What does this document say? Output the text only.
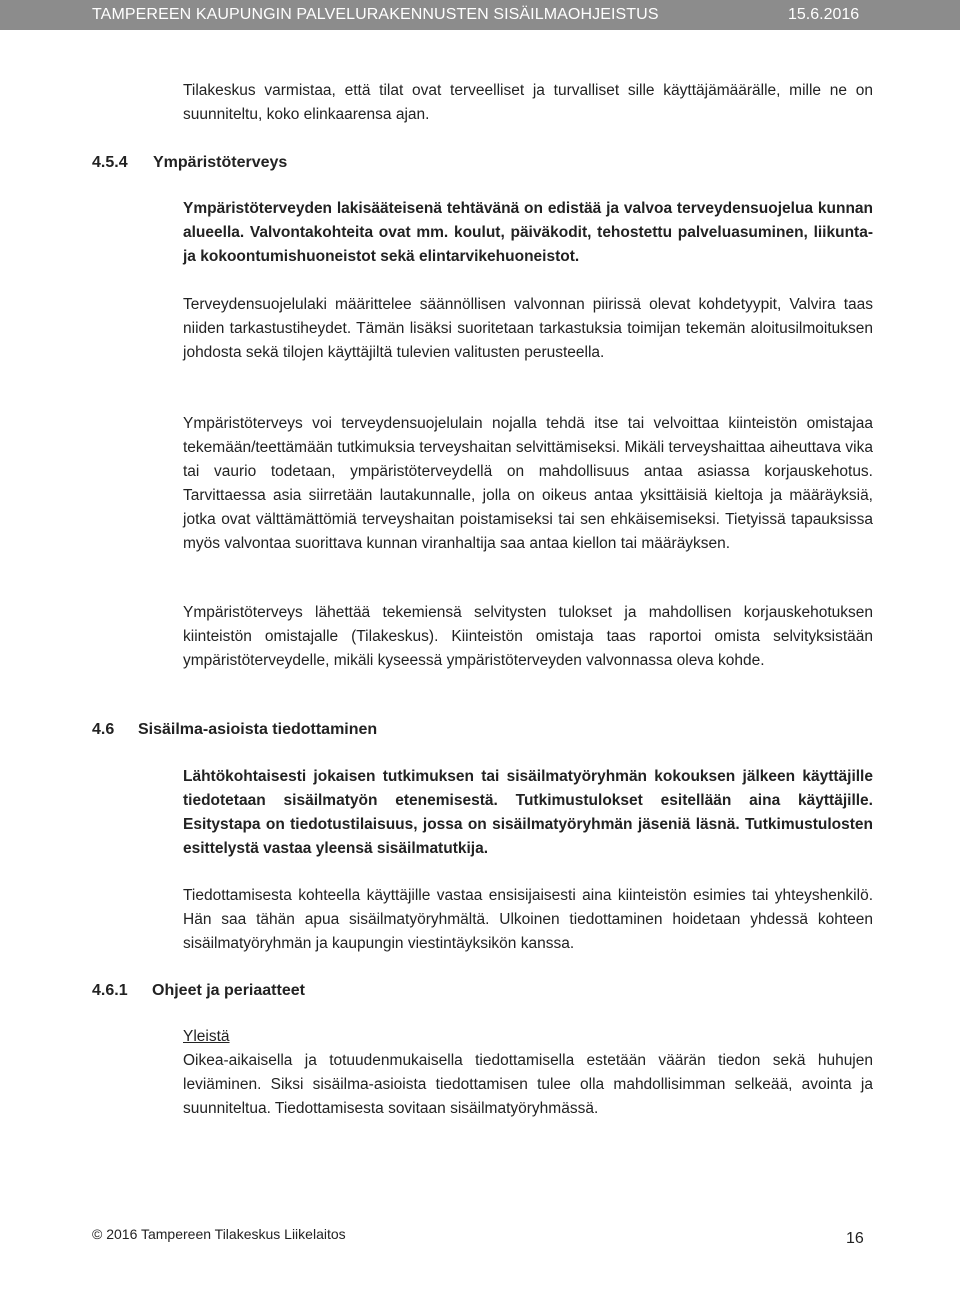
TAMPEREEN KAUPUNGIN PALVELURAKENNUSTEN SISÄILMAOHJEISTUS	15.6.2016

Tilakeskus varmistaa, että tilat ovat terveelliset ja turvalliset sille käyttäjämäärälle, mille ne on suunniteltu, koko elinkaarensa ajan.

4.5.4 Ympäristöterveys

Ympäristöterveyden lakisääteisenä tehtävänä on edistää ja valvoa terveydensuojelua kunnan alueella. Valvontakohteita ovat mm. koulut, päiväkodit, tehostettu palveluasuminen, liikunta- ja kokoontumishuoneistot sekä elintarvikehuoneistot.

Terveydensuojelulaki määrittelee säännöllisen valvonnan piirissä olevat kohdetyypit, Valvira taas niiden tarkastustiheydet. Tämän lisäksi suoritetaan tarkastuksia toimijan tekemän aloitusilmoituksen johdosta sekä tilojen käyttäjiltä tulevien valitusten perusteella.

Ympäristöterveys voi terveydensuojelulain nojalla tehdä itse tai velvoittaa kiinteistön omistajaa tekemään/teettämään tutkimuksia terveyshaitan selvittämiseksi. Mikäli terveyshaittaa aiheuttava vika tai vaurio todetaan, ympäristöterveydellä on mahdollisuus antaa asiassa korjauskehotus. Tarvittaessa asia siirretään lautakunnalle, jolla on oikeus antaa yksittäisiä kieltoja ja määräyksiä, jotka ovat välttämättömiä terveyshaitan poistamiseksi tai sen ehkäisemiseksi. Tietyissä tapauksissa myös valvontaa suorittava kunnan viranhaltija saa antaa kiellon tai määräyksen.

Ympäristöterveys lähettää tekemiensä selvitysten tulokset ja mahdollisen korjauskehotuksen kiinteistön omistajalle (Tilakeskus). Kiinteistön omistaja taas raportoi omista selvityksistään ympäristöterveydelle, mikäli kyseessä ympäristöterveyden valvonnassa oleva kohde.

4.6 Sisäilma-asioista tiedottaminen

Lähtökohtaisesti jokaisen tutkimuksen tai sisäilmatyöryhmän kokouksen jälkeen käyttäjille tiedotetaan sisäilmatyön etenemisestä. Tutkimustulokset esitellään aina käyttäjille. Esitystapa on tiedotustilaisuus, jossa on sisäilmatyöryhmän jäseniä läsnä. Tutkimustulosten esittelystä vastaa yleensä sisäilmatutkija.

Tiedottamisesta kohteella käyttäjille vastaa ensisijaisesti aina kiinteistön esimies tai yhteyshenkilö. Hän saa tähän apua sisäilmatyöryhmältä. Ulkoinen tiedottaminen hoidetaan yhdessä kohteen sisäilmatyöryhmän ja kaupungin viestintäyksikön kanssa.

4.6.1 Ohjeet ja periaatteet
Yleistä
Oikea-aikaisella ja totuudenmukaisella tiedottamisella estetään väärän tiedon sekä huhujen leviäminen. Siksi sisäilma-asioista tiedottamisen tulee olla mahdollisimman selkeää, avointa ja suunniteltua. Tiedottamisesta sovitaan sisäilmatyöryhmässä.
© 2016 Tampereen Tilakeskus Liikelaitos	16
